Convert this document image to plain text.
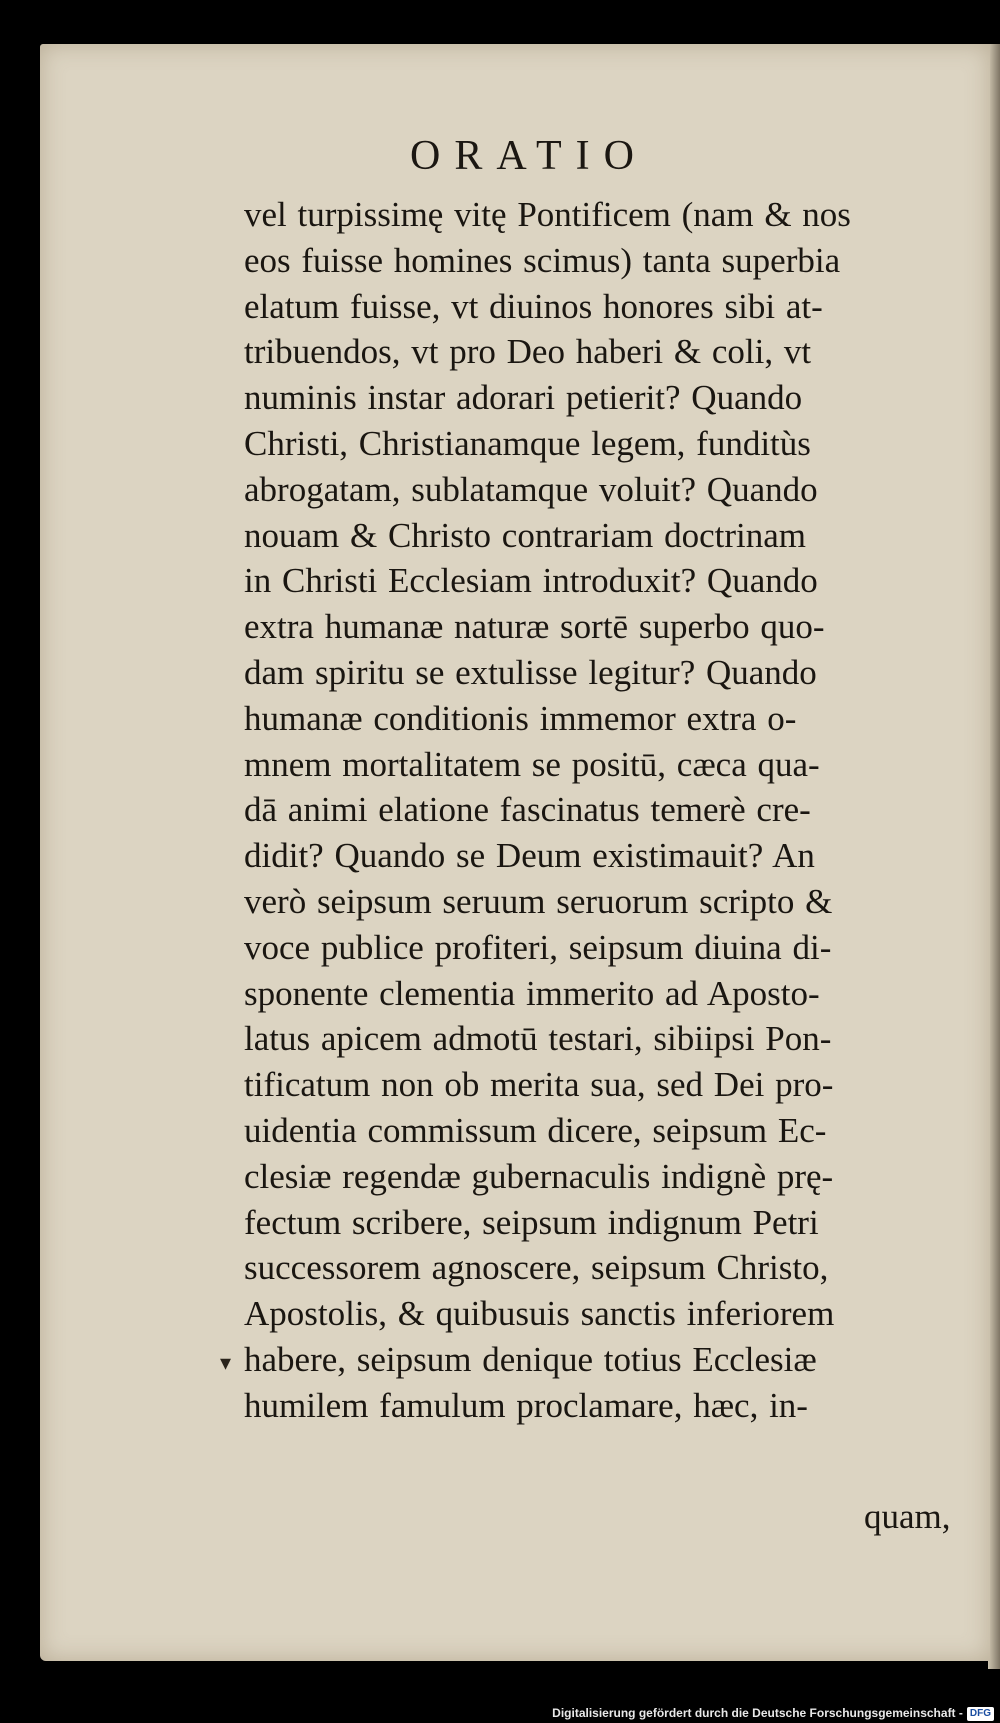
ORATIO
vel turpissimę vitę Pontificem (nam & nos
eos fuisse homines scimus) tanta superbia
elatum fuisse, vt diuinos honores sibi at-
tribuendos, vt pro Deo haberi & coli, vt
numinis instar adorari petierit? Quando
Christi, Christianamque legem, funditùs
abrogatam, sublatamque voluit? Quando
nouam & Christo contrariam doctrinam
in Christi Ecclesiam introduxit? Quando
extra humanæ naturæ sortē superbo quo-
dam spiritu se extulisse legitur? Quando
humanæ conditionis immemor extra o-
mnem mortalitatem se positū, cæca qua-
dā animi elatione fascinatus temerè cre-
didit? Quando se Deum existimauit? An
verò seipsum seruum seruorum scripto &
voce publice profiteri, seipsum diuina di-
sponente clementia immerito ad Aposto-
latus apicem admotū testari, sibiipsi Pon-
tificatum non ob merita sua, sed Dei pro-
uidentia commissum dicere, seipsum Ec-
clesiæ regendæ gubernaculis indignè prę-
fectum scribere, seipsum indignum Petri
successorem agnoscere, seipsum Christo,
Apostolis, & quibusuis sanctis inferiorem
habere, seipsum denique totius Ecclesiæ
humilem famulum proclamare, hæc, in-
▾
quam,
Digitalisierung gefördert durch die Deutsche Forschungsgemeinschaft - DFG
